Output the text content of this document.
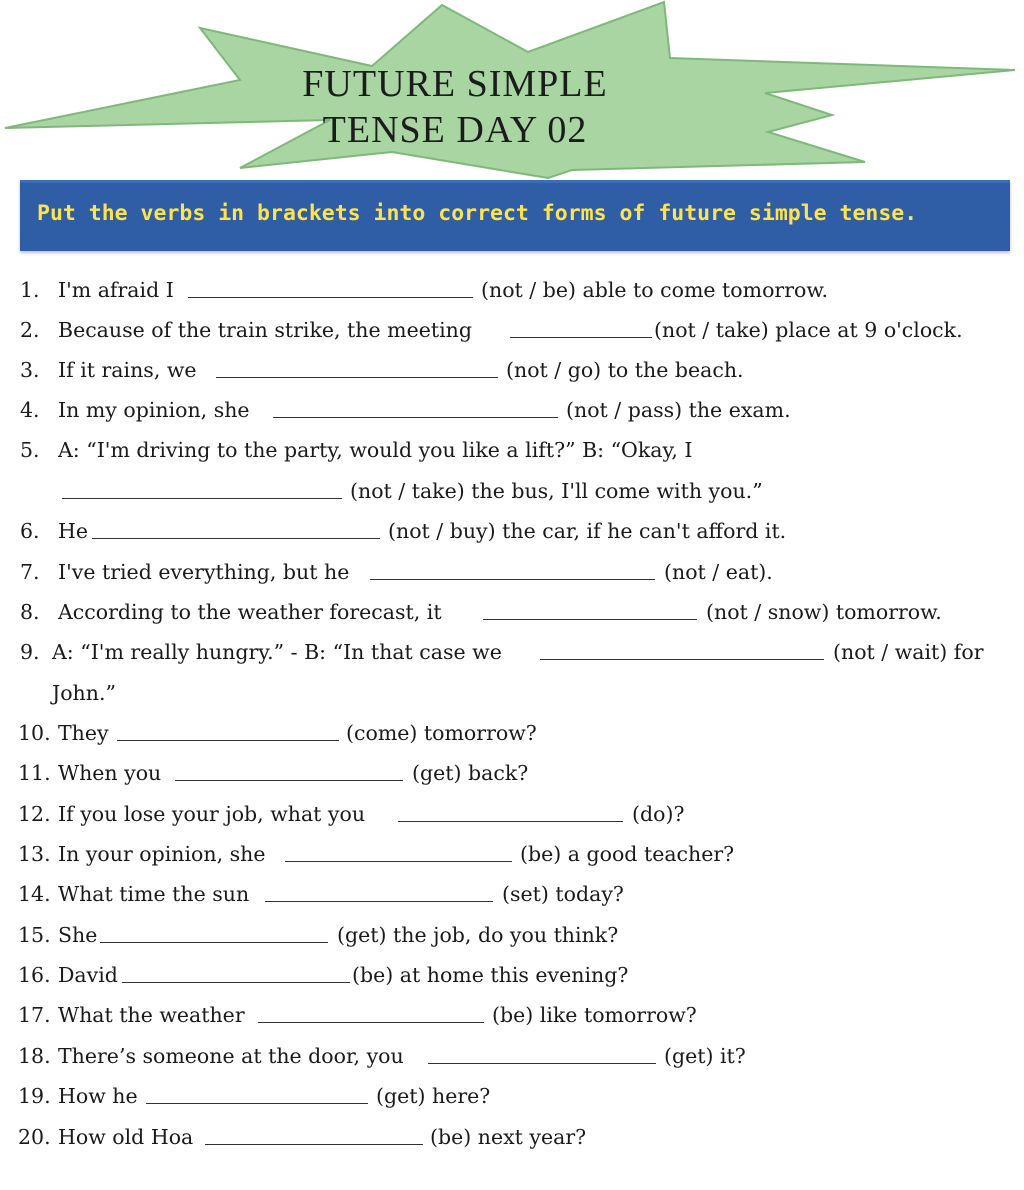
FUTURE SIMPLE
TENSE DAY 02
Put the verbs in brackets into correct forms of future simple tense.
1. I'm afraid I	(not / be) able to come tomorrow.
2. Because of the train strike, the meeting	(not / take) place at 9 o'clock.
3. If it rains, we	(not / go) to the beach.
4. In my opinion, she	(not / pass) the exam.
5. A: “I'm driving to the party, would you like a lift?” B: “Okay, I
(not / take) the bus, I'll come with you.”
6. He	(not / buy) the car, if he can't afford it.
7. I've tried everything, but he	(not / eat).
8. According to the weather forecast, it	(not / snow) tomorrow.
9. A: “I'm really hungry.” - B: “In that case we	(not / wait) for
John.”
10. They	(come) tomorrow?
11. When you	(get) back?
12. If you lose your job, what you	(do)?
13. In your opinion, she	(be) a good teacher?
14. What time the sun	(set) today?
15. She	(get) the job, do you think?
16. David	(be) at home this evening?
17. What the weather	(be) like tomorrow?
18. There’s someone at the door, you	(get) it?
19. How he	(get) here?
20. How old Hoa	(be) next year?
